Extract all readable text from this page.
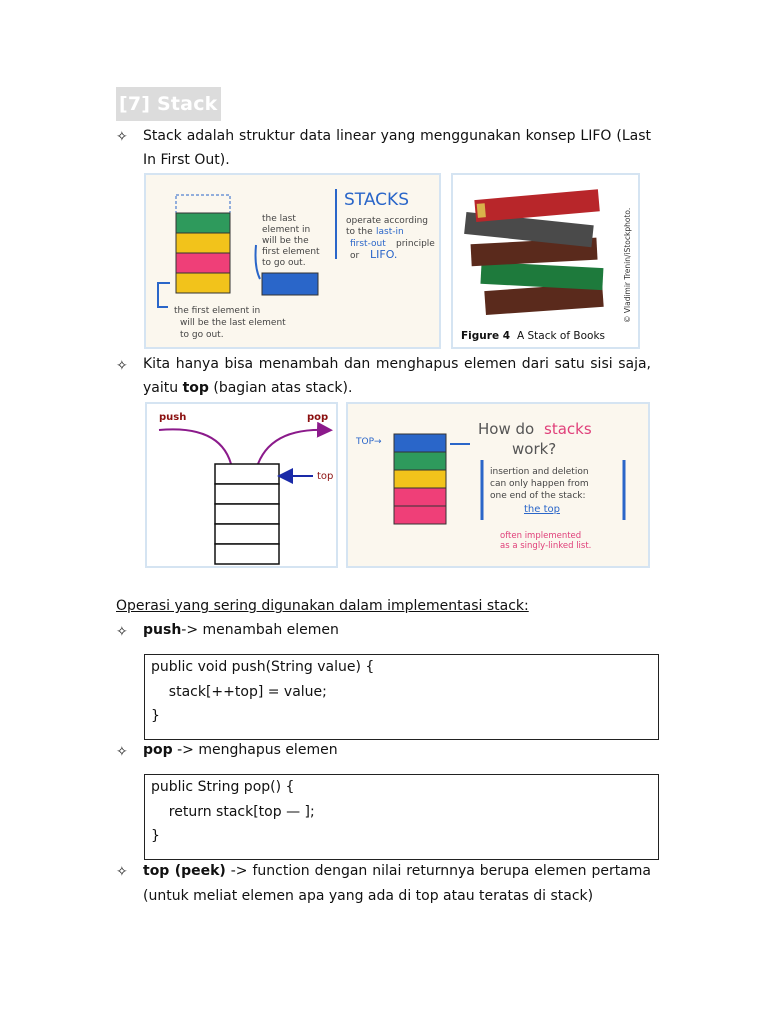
[7] Stack
✧ Stack adalah struktur data linear yang menggunakan konsep LIFO (Last In First Out).
STACKS
operate according
to the last-in
first-out principle
or LIFO.
the last
element in
will be the
first element
to go out.
the first element in
will be the last element
to go out.	Figure 4 A Stack of Books
© Vladimir Trenin/iStockphoto.
✧ Kita hanya bisa menambah dan menghapus elemen dari satu sisi saja, yaitu top (bagian atas stack).
push	pop
top
How do stacks
work?
TOP→
insertion and deletion
can only happen from
one end of the stack:
the top
often implemented
as a singly-linked list.
Operasi yang sering digunakan dalam implementasi stack:
✧ push-> menambah elemen
public void push(String value) {
stack[++top] = value;
}
✧ pop -> menghapus elemen
public String pop() {
return stack[top — ];
}
✧ top (peek) -> function dengan nilai returnnya berupa elemen pertama (untuk meliat elemen apa yang ada di top atau teratas di stack)
